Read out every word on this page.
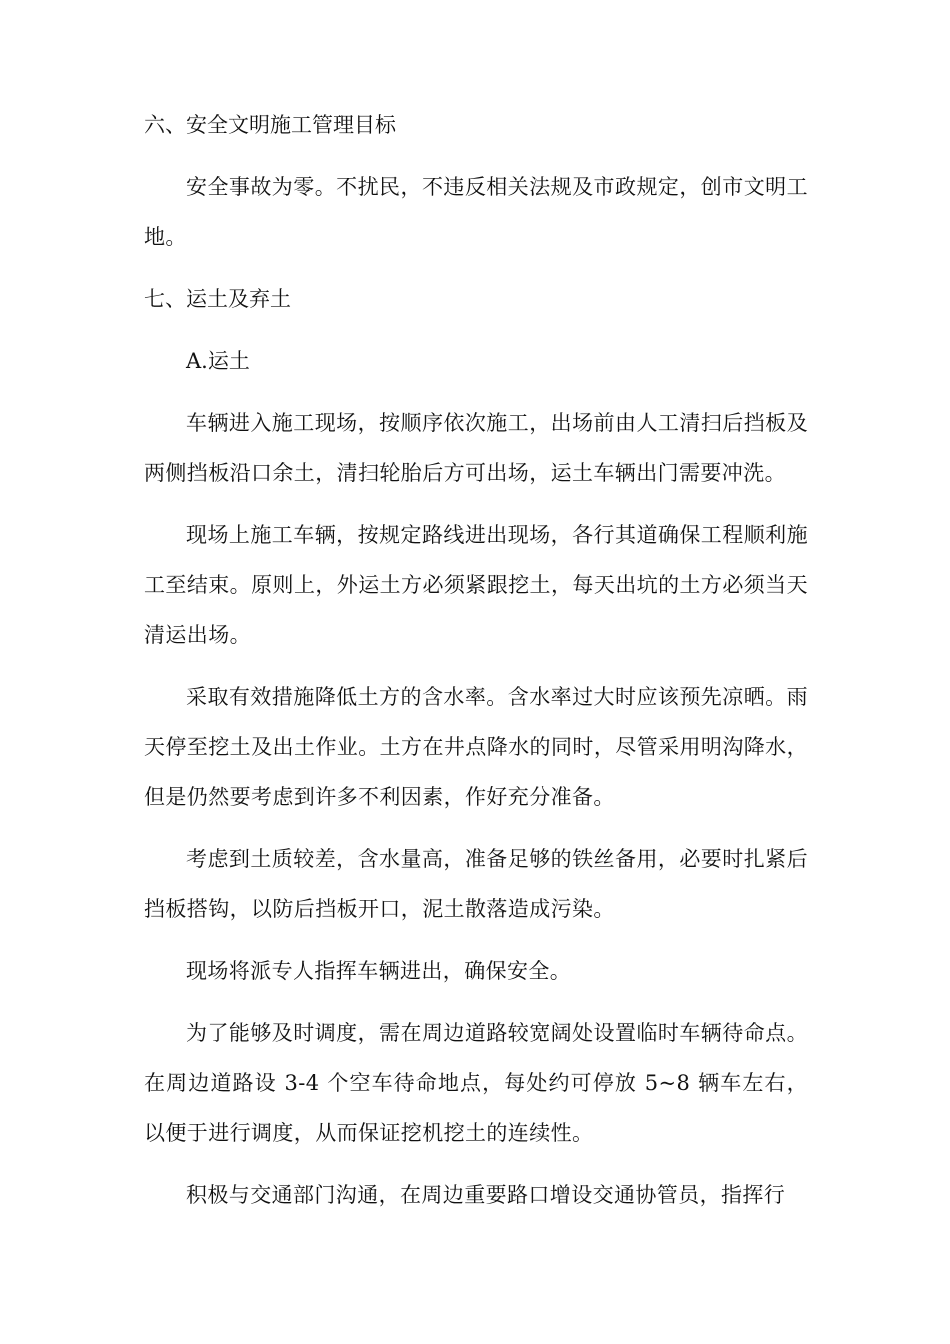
六、安全文明施工管理目标
安全事故为零。不扰民，不违反相关法规及市政规定，创市文明工地。
七、运土及弃土
A.运土
车辆进入施工现场，按顺序依次施工，出场前由人工清扫后挡板及两侧挡板沿口余土，清扫轮胎后方可出场，运土车辆出门需要冲洗。
现场上施工车辆，按规定路线进出现场，各行其道确保工程顺利施工至结束。原则上，外运土方必须紧跟挖土，每天出坑的土方必须当天清运出场。
采取有效措施降低土方的含水率。含水率过大时应该预先凉晒。雨天停至挖土及出土作业。土方在井点降水的同时，尽管采用明沟降水，但是仍然要考虑到许多不利因素，作好充分准备。
考虑到土质较差，含水量高，准备足够的铁丝备用，必要时扎紧后挡板搭钩，以防后挡板开口，泥土散落造成污染。
现场将派专人指挥车辆进出，确保安全。
为了能够及时调度，需在周边道路较宽阔处设置临时车辆待命点。在周边道路设 3-4 个空车待命地点，每处约可停放 5~8 辆车左右，以便于进行调度，从而保证挖机挖土的连续性。
积极与交通部门沟通，在周边重要路口增设交通协管员，指挥行
